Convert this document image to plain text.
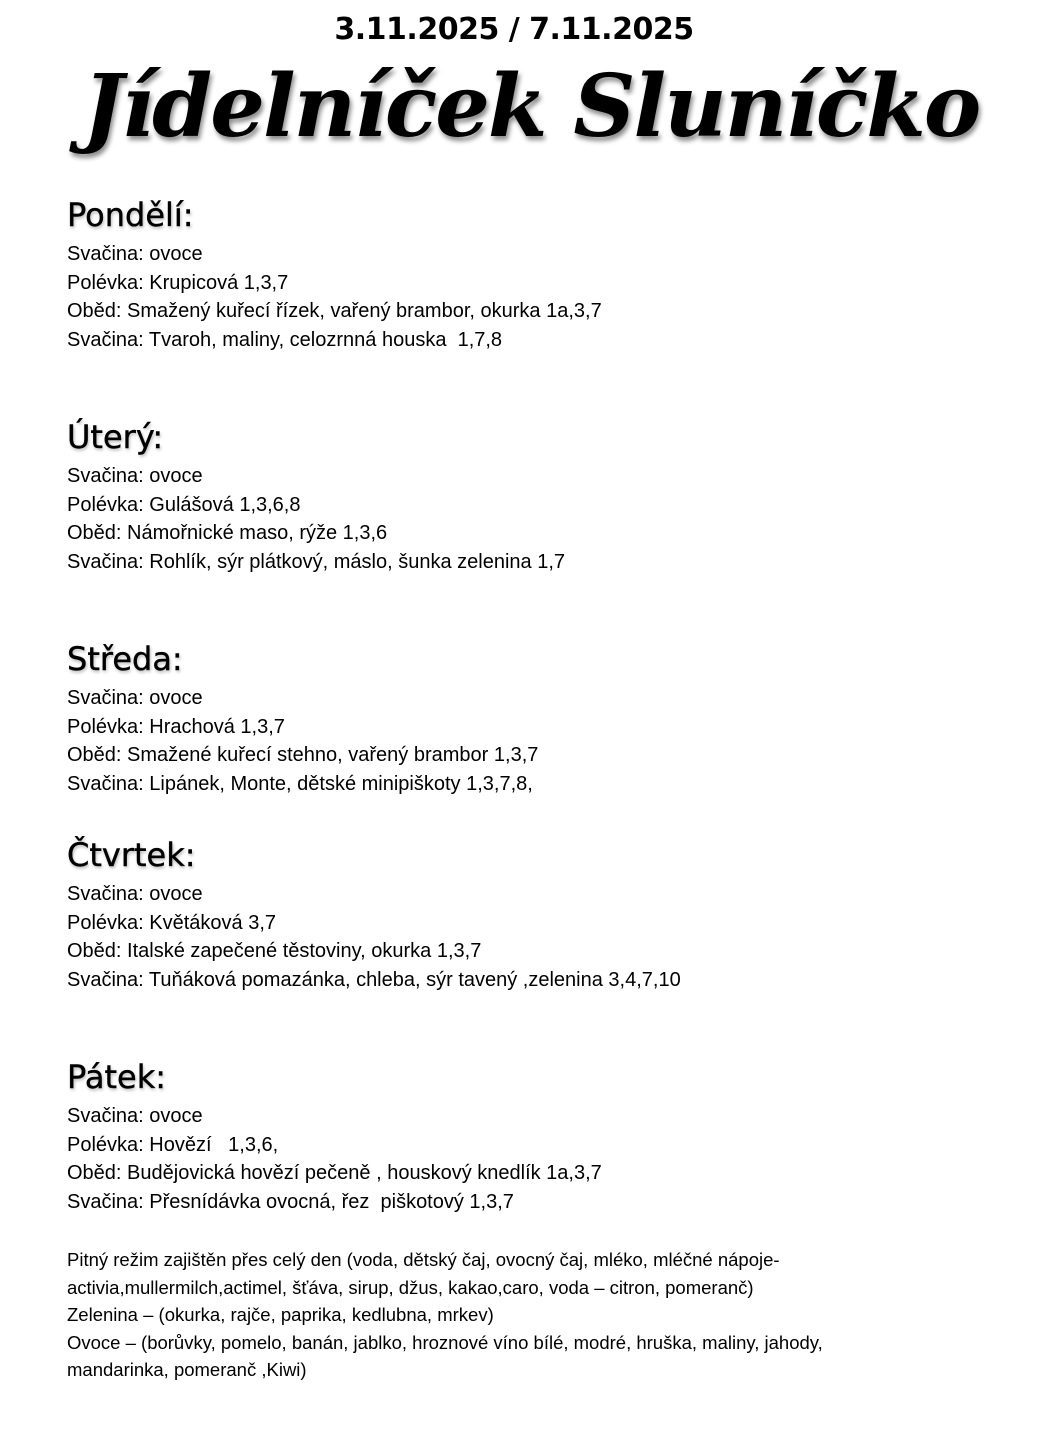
3.11.2025 / 7.11.2025
Jídelníček Sluníčko
Pondělí:

Svačina: ovoce

Polévka: Krupicová 1,3,7

Oběd: Smažený kuřecí řízek, vařený brambor, okurka 1a,3,7

Svačina: Tvaroh, maliny, celozrnná houska  1,7,8

Úterý:

Svačina: ovoce

Polévka: Gulášová 1,3,6,8

Oběd: Námořnické maso, rýže 1,3,6

Svačina: Rohlík, sýr plátkový, máslo, šunka zelenina 1,7

Středa:

Svačina: ovoce

Polévka: Hrachová 1,3,7

Oběd: Smažené kuřecí stehno, vařený brambor 1,3,7

Svačina: Lipánek, Monte, dětské minipiškoty 1,3,7,8,

Čtvrtek:

Svačina: ovoce

Polévka: Květáková 3,7

Oběd: Italské zapečené těstoviny, okurka 1,3,7

Svačina: Tuňáková pomazánka, chleba, sýr tavený ,zelenina 3,4,7,10

Pátek:

Svačina: ovoce

Polévka: Hovězí   1,3,6,

Oběd: Budějovická hovězí pečeně , houskový knedlík 1a,3,7

Svačina: Přesnídávka ovocná, řez  piškotový 1,3,7

Pitný režim zajištěn přes celý den (voda, dětský čaj, ovocný čaj, mléko, mléčné nápoje-

activia,mullermilch,actimel, šťáva, sirup, džus, kakao,caro, voda – citron, pomeranč)

Zelenina – (okurka, rajče, paprika, kedlubna, mrkev)

Ovoce – (borůvky, pomelo, banán, jablko, hroznové víno bílé, modré, hruška, maliny, jahody,

mandarinka, pomeranč ,Kiwi)
